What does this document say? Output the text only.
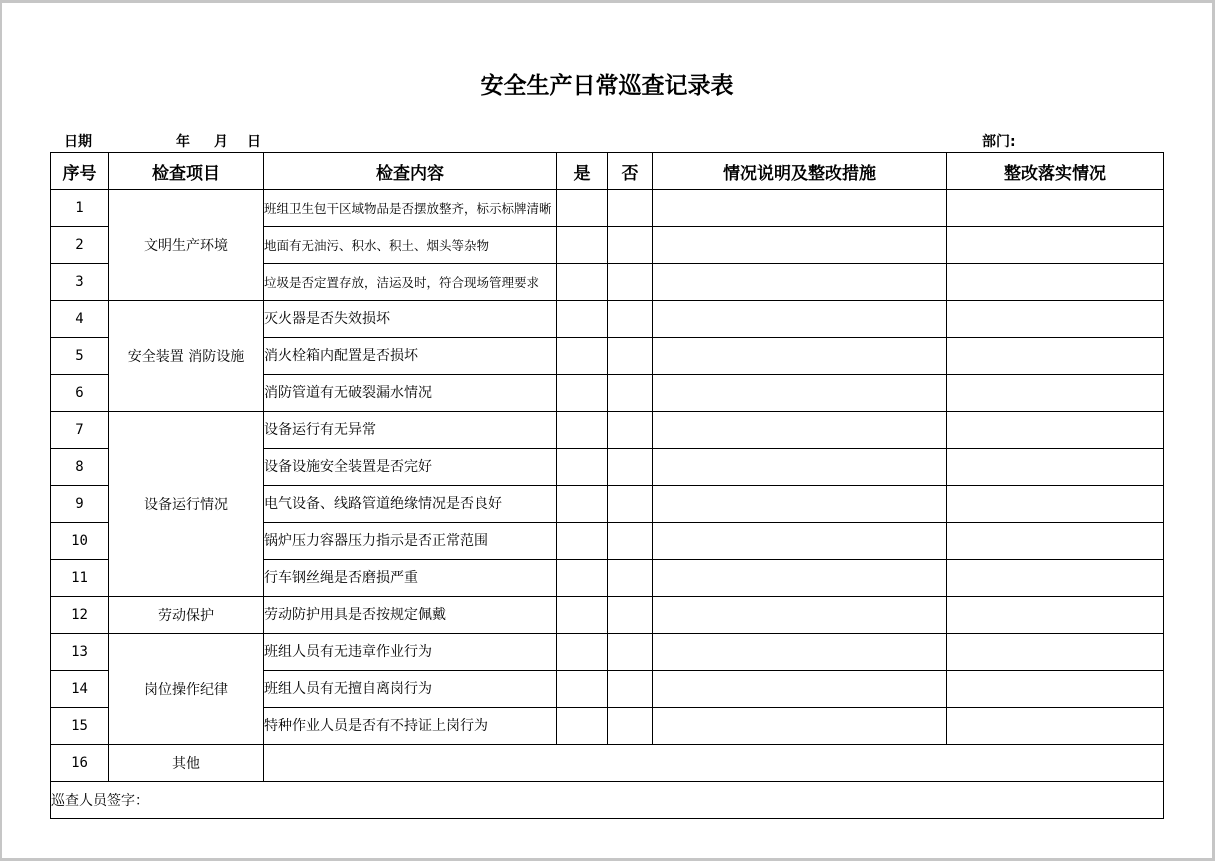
安全生产日常巡查记录表
日期	年 月 日	部门:
序号	检查项目	检查内容	是	否	情况说明及整改措施	整改落实情况
1	文明生产环境	班组卫生包干区域物品是否摆放整齐，标示标牌清晰				
2		地面有无油污、积水、积土、烟头等杂物				
3		垃圾是否定置存放，洁运及时，符合现场管理要求				
4	安全装置 消防设施	灭火器是否失效损坏				
5		消火栓箱内配置是否损坏				
6		消防管道有无破裂漏水情况				
7	设备运行情况	设备运行有无异常				
8		设备设施安全装置是否完好				
9		电气设备、线路管道绝缘情况是否良好				
10		锅炉压力容器压力指示是否正常范围				
11		行车钢丝绳是否磨损严重				
12	劳动保护	劳动防护用具是否按规定佩戴				
13	岗位操作纪律	班组人员有无违章作业行为				
14		班组人员有无擅自离岗行为				
15		特种作业人员是否有不持证上岗行为				
16	其他					
巡查人员签字：						
